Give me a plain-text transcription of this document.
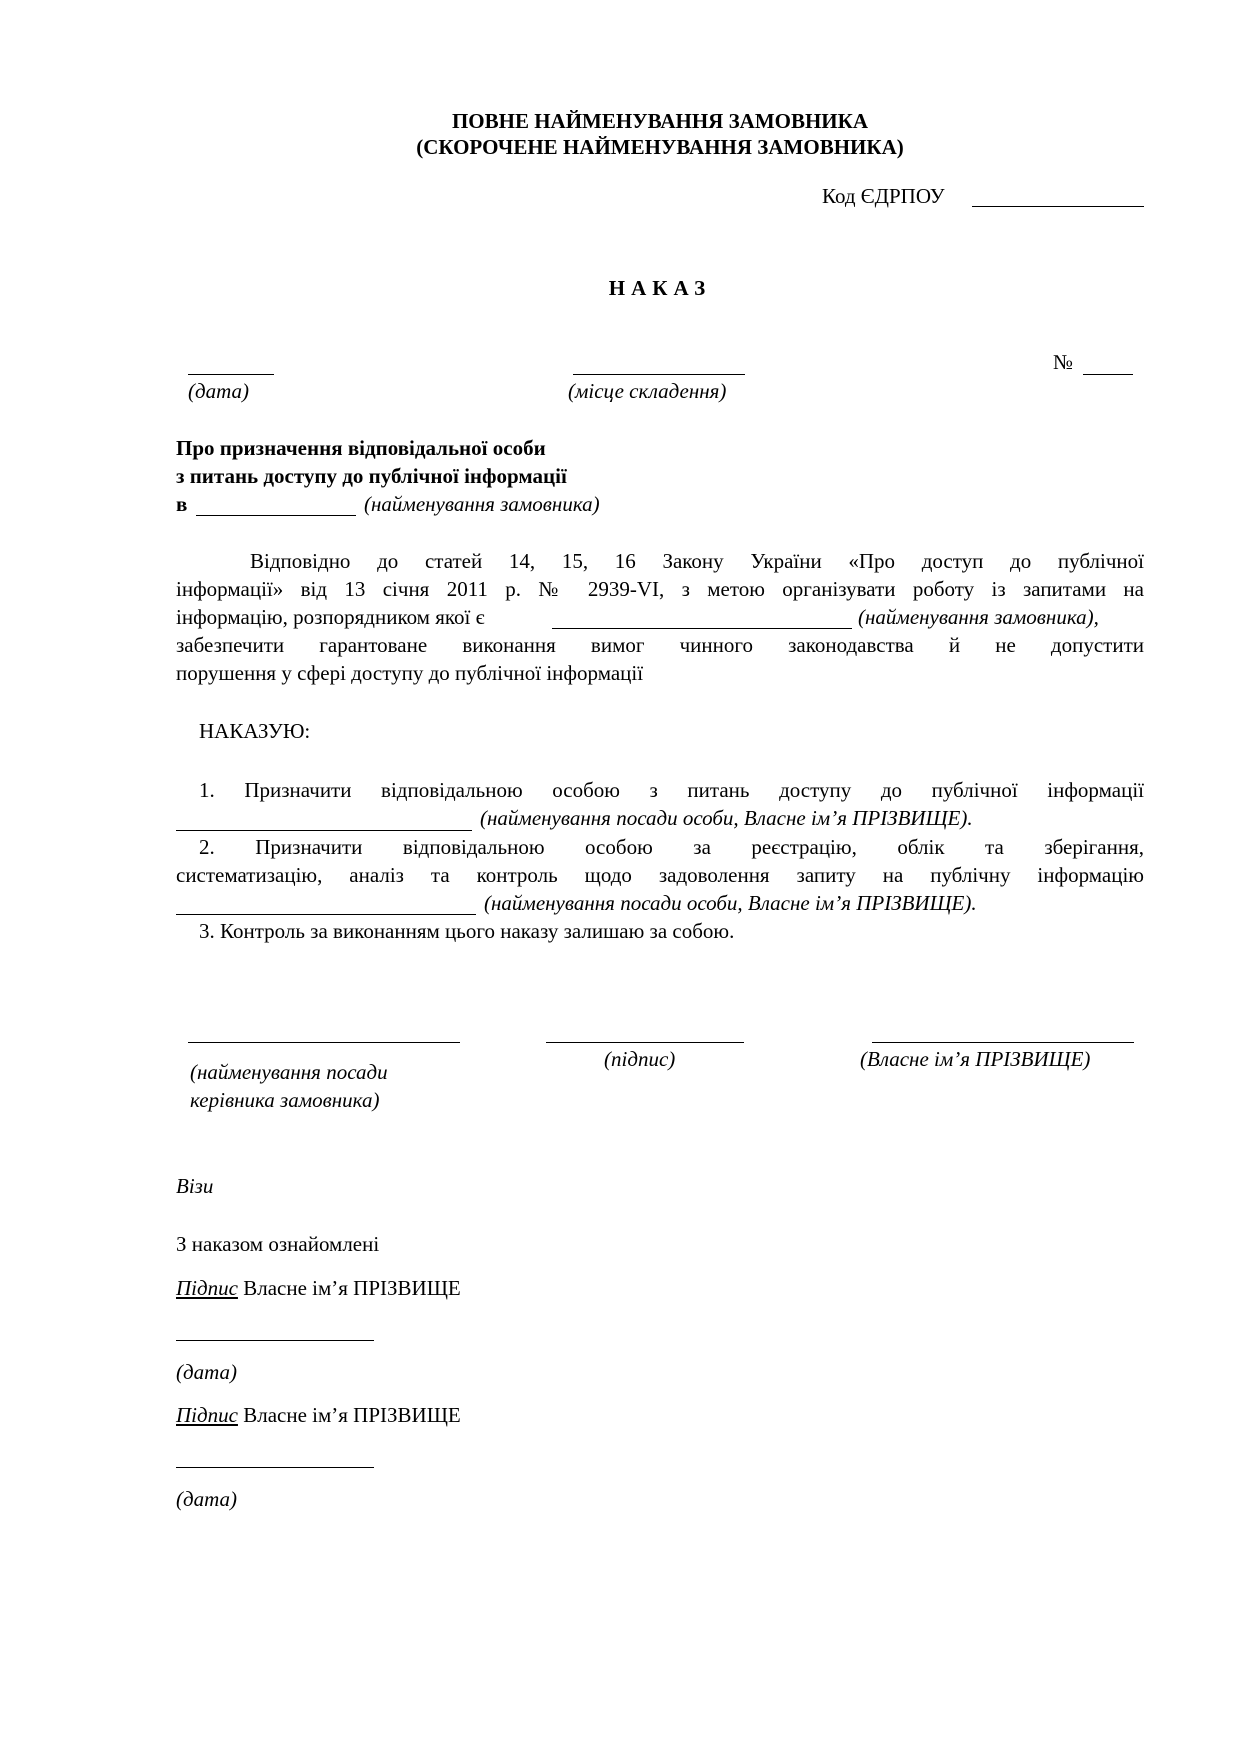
ПОВНЕ НАЙМЕНУВАННЯ ЗАМОВНИКА
(СКОРОЧЕНЕ НАЙМЕНУВАННЯ ЗАМОВНИКА)
Код ЄДРПОУ
НАКАЗ
(дата)	(місце складення)
№
Про призначення відповідальної особи
з питань доступу до публічної інформації
в	(найменування замовника)
Відповідно до статей 14, 15, 16 Закону України «Про доступ до публічної
інформації» від 13 січня 2011 р. № 2939-VI, з метою організувати роботу із запитами на
інформацію, розпорядником якої є	(найменування замовника),
забезпечити гарантоване виконання вимог чинного законодавства й не допустити
порушення у сфері доступу до публічної інформації
НАКАЗУЮ:
1. Призначити відповідальною особою з питань доступу до публічної інформації
(найменування посади особи, Власне ім’я ПРІЗВИЩЕ).
2. Призначити відповідальною особою за реєстрацію, облік та зберігання,
систематизацію, аналіз та контроль щодо задоволення запиту на публічну інформацію
(найменування посади особи, Власне ім’я ПРІЗВИЩЕ).
3. Контроль за виконанням цього наказу залишаю за собою.
(найменування посади
керівника замовника)
(підпис)	(Власне ім’я ПРІЗВИЩЕ)
Візи
З наказом ознайомлені
Підпис Власне ім’я ПРІЗВИЩЕ
(дата)
Підпис Власне ім’я ПРІЗВИЩЕ
(дата)
